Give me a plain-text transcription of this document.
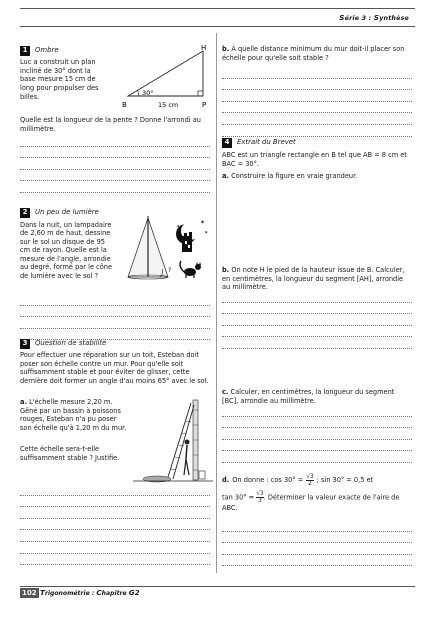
Série 3 : Synthèse
1	Ombre
Luc a construit un plan incliné de 30° dont la base mesure 15 cm de long pour propulser des billes.
H
B	P
30°
15 cm
Quelle est la longueur de la pente ? Donne l'arrondi au millimètre.
2	Un peu de lumière
Dans la nuit, un lampadaire de 2,60 m de haut, dessine sur le sol un disque de 95 cm de rayon. Quelle est la mesure de l'angle, arrondie au degré, formé par le cône de lumière avec le sol ?
?
✶
✶
✶
3	Question de stabilité
Pour effectuer une réparation sur un toit, Esteban doit poser son échelle contre un mur. Pour qu'elle soit suffisamment stable et pour éviter de glisser, cette dernière doit former un angle d'au moins 65° avec le sol.
a. L'échelle mesure 2,20 m. Gêné par un bassin à poissons rouges, Esteban n'a pu poser son échelle qu'à 1,20 m du mur.
Cette échelle sera-t-elle suffisamment stable ? Justifie.
b. À quelle distance minimum du mur doit-il placer son échelle pour qu'elle soit stable ?
4	Extrait du Brevet
ABC est un triangle rectangle en B tel que AB = 8 cm et BAC = 30°.
a. Construire la figure en vraie grandeur.
b. On note H le pied de la hauteur issue de B. Calculer, en centimètres, la longueur du segment [AH], arrondie au millimètre.
c. Calculer, en centimètres, la longueur du segment [BC], arrondie au millimètre.
d. On donne : $\cos 30^\circ = \frac{√3}{2}$ ; sin 30° = 0,5 et
$\tan 30^\circ = \frac{√3}{3}$ . Déterminer la valeur exacte de l'aire de ABC.
102 Trigonométrie : Chapitre G2
